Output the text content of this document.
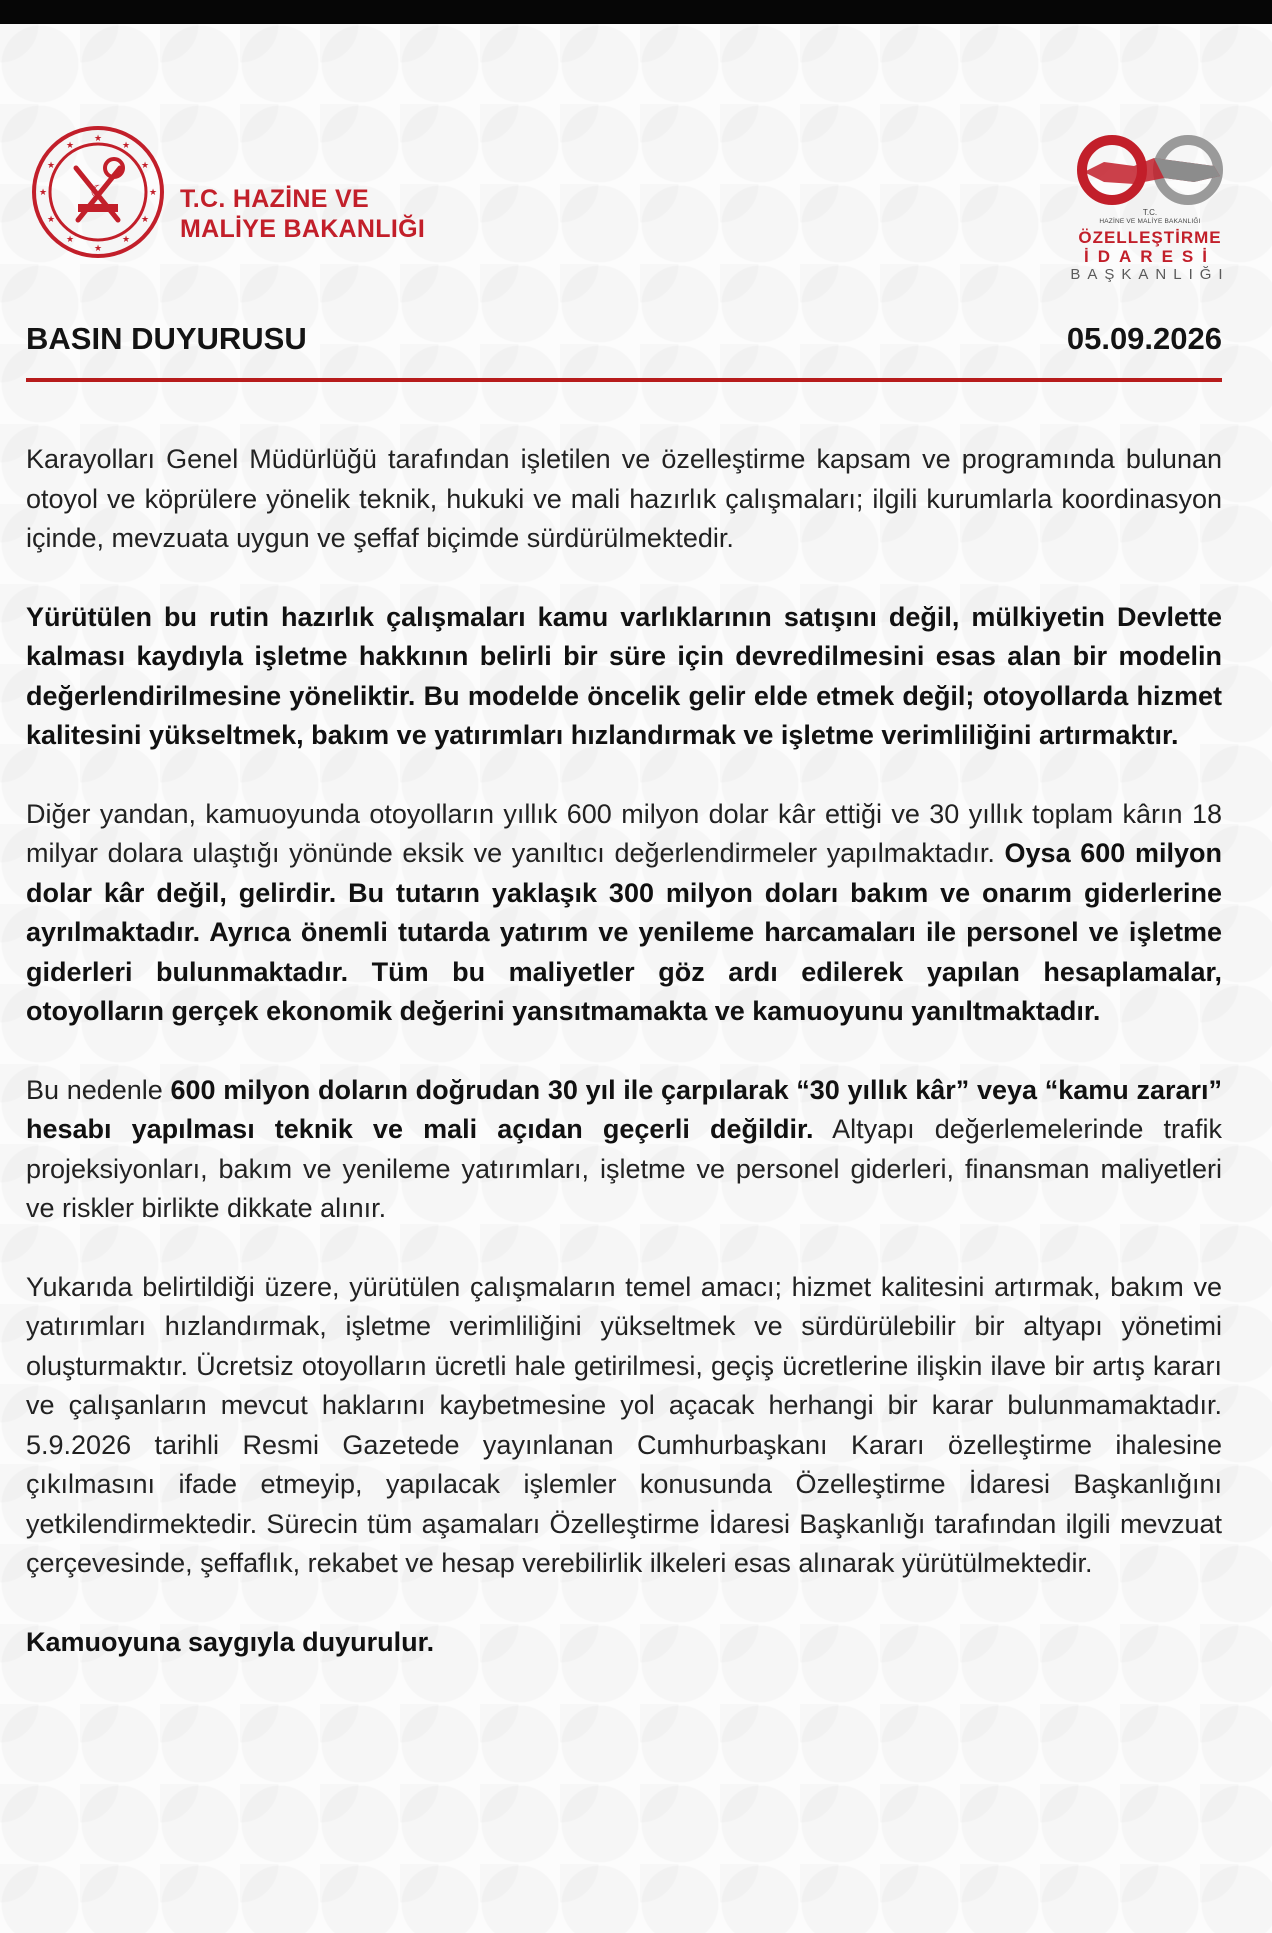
★
★
★
★
★
★
★
★
★
★
★
★
☾	T.C. HAZİNE VE
MALİYE BAKANLIĞI
T.C.
HAZİNE VE MALİYE BAKANLIĞI
ÖZELLEŞTİRME
İDARESİ
BAŞKANLIĞI
BASIN DUYURUSU	05.09.2026

Karayolları Genel Müdürlüğü tarafından işletilen ve özelleştirme kapsam ve programında bulunan otoyol ve köprülere yönelik teknik, hukuki ve mali hazırlık çalışmaları; ilgili kurumlarla koordinasyon içinde, mevzuata uygun ve şeffaf biçimde sürdürülmektedir.

Yürütülen bu rutin hazırlık çalışmaları kamu varlıklarının satışını değil, mülkiyetin Devlette kalması kaydıyla işletme hakkının belirli bir süre için devredilmesini esas alan bir modelin değerlendirilmesine yöneliktir. Bu modelde öncelik gelir elde etmek değil; otoyollarda hizmet kalitesini yükseltmek, bakım ve yatırımları hızlandırmak ve işletme verimliliğini artırmaktır.

Diğer yandan, kamuoyunda otoyolların yıllık 600 milyon dolar kâr ettiği ve 30 yıllık toplam kârın 18 milyar dolara ulaştığı yönünde eksik ve yanıltıcı değerlendirmeler yapılmaktadır. Oysa 600 milyon dolar kâr değil, gelirdir. Bu tutarın yaklaşık 300 milyon doları bakım ve onarım giderlerine ayrılmaktadır. Ayrıca önemli tutarda yatırım ve yenileme harcamaları ile personel ve işletme giderleri bulunmaktadır. Tüm bu maliyetler göz ardı edilerek yapılan hesaplamalar, otoyolların gerçek ekonomik değerini yansıtmamakta ve kamuoyunu yanıltmaktadır.

Bu nedenle 600 milyon doların doğrudan 30 yıl ile çarpılarak “30 yıllık kâr” veya “kamu zararı” hesabı yapılması teknik ve mali açıdan geçerli değildir. Altyapı değerlemelerinde trafik projeksiyonları, bakım ve yenileme yatırımları, işletme ve personel giderleri, finansman maliyetleri ve riskler birlikte dikkate alınır.

Yukarıda belirtildiği üzere, yürütülen çalışmaların temel amacı; hizmet kalitesini artırmak, bakım ve yatırımları hızlandırmak, işletme verimliliğini yükseltmek ve sürdürülebilir bir altyapı yönetimi oluşturmaktır. Ücretsiz otoyolların ücretli hale getirilmesi, geçiş ücretlerine ilişkin ilave bir artış kararı ve çalışanların mevcut haklarını kaybetmesine yol açacak herhangi bir karar bulunmamaktadır. 5.9.2026 tarihli Resmi Gazetede yayınlanan Cumhurbaşkanı Kararı özelleştirme ihalesine çıkılmasını ifade etmeyip, yapılacak işlemler konusunda Özelleştirme İdaresi Başkanlığını yetkilendirmektedir. Sürecin tüm aşamaları Özelleştirme İdaresi Başkanlığı tarafından ilgili mevzuat çerçevesinde, şeffaflık, rekabet ve hesap verebilirlik ilkeleri esas alınarak yürütülmektedir.

Kamuoyuna saygıyla duyurulur.
